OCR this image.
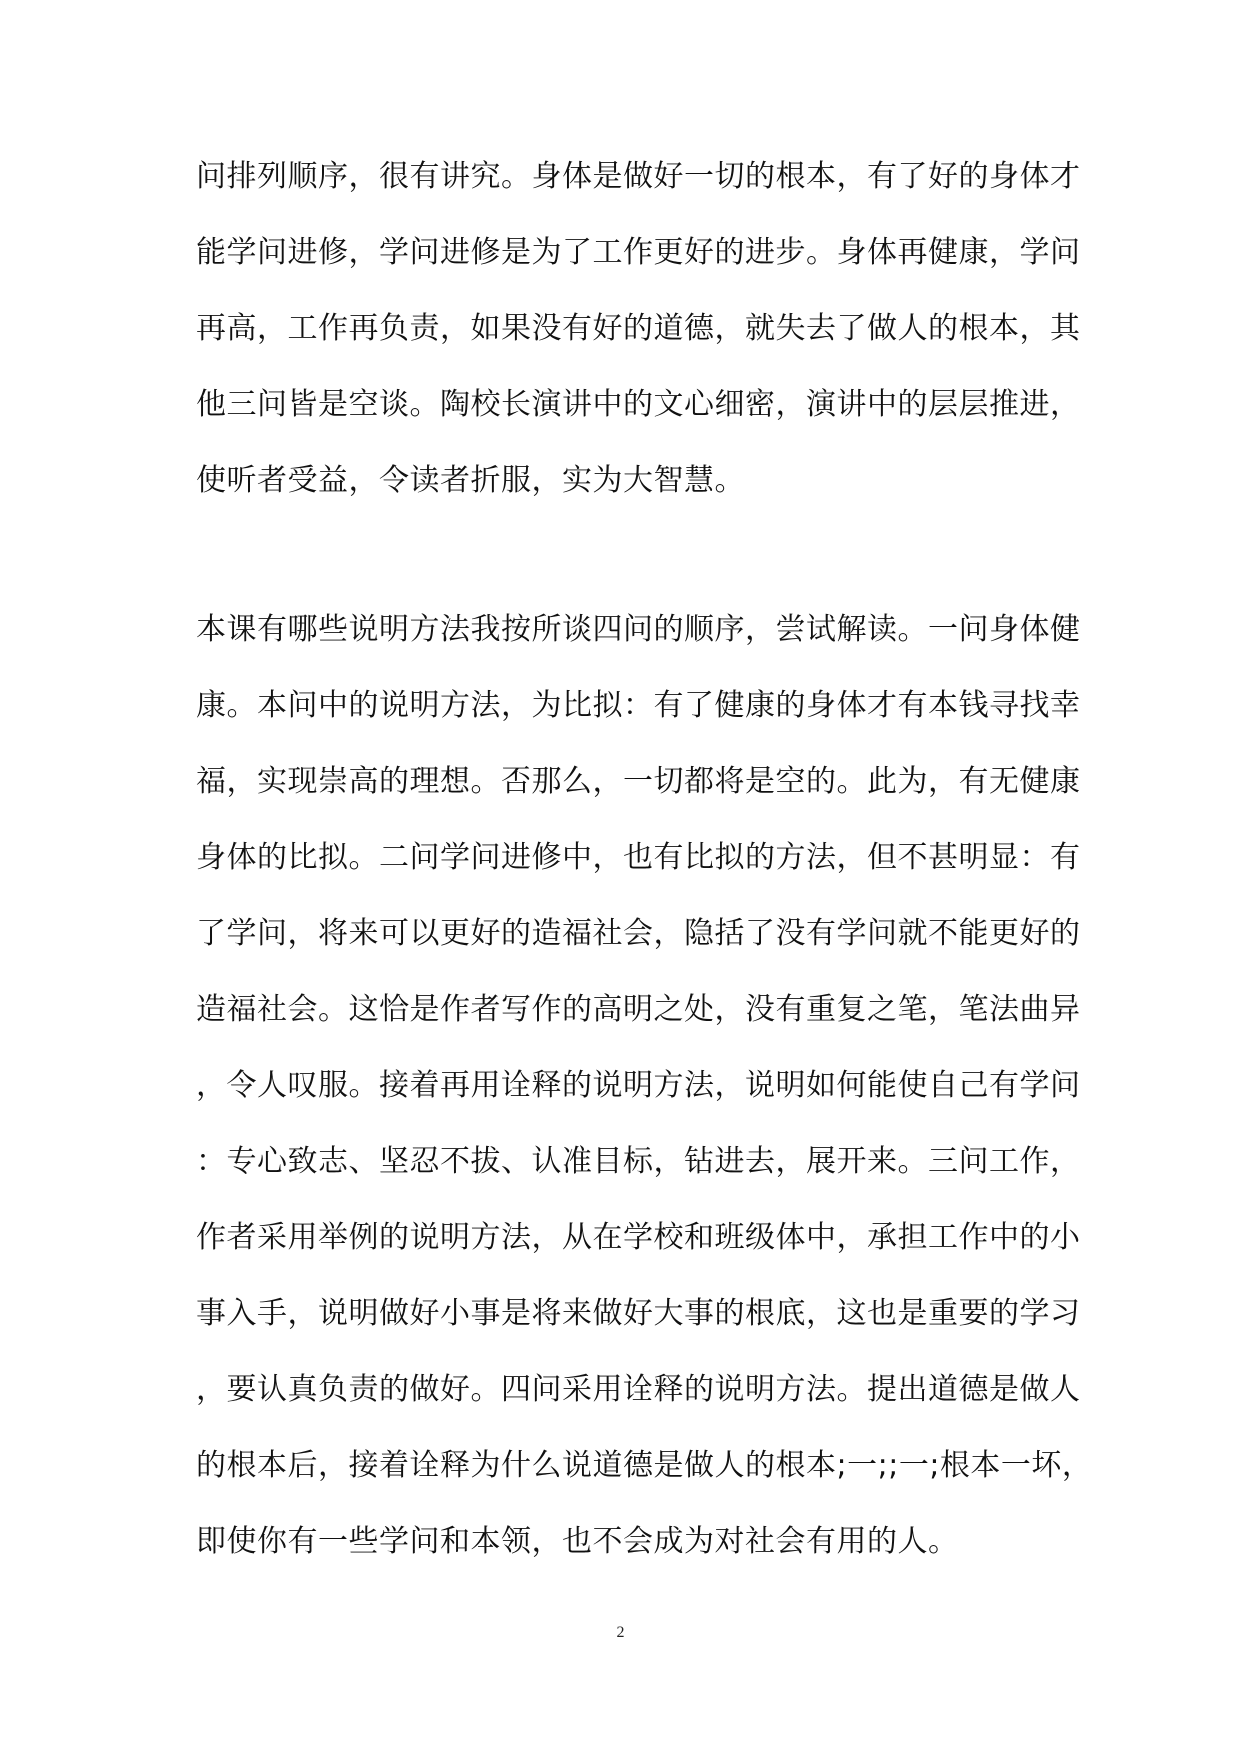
问排列顺序，很有讲究。身体是做好一切的根本，有了好的身体才
能学问进修，学问进修是为了工作更好的进步。身体再健康，学问
再高，工作再负责，如果没有好的道德，就失去了做人的根本，其
他三问皆是空谈。陶校长演讲中的文心细密，演讲中的层层推进，
使听者受益，令读者折服，实为大智慧。
本课有哪些说明方法我按所谈四问的顺序，尝试解读。一问身体健
康。本问中的说明方法，为比拟：有了健康的身体才有本钱寻找幸
福，实现崇高的理想。否那么，一切都将是空的。此为，有无健康
身体的比拟。二问学问进修中，也有比拟的方法，但不甚明显：有
了学问，将来可以更好的造福社会，隐括了没有学问就不能更好的
造福社会。这恰是作者写作的高明之处，没有重复之笔，笔法曲异
，令人叹服。接着再用诠释的说明方法，说明如何能使自己有学问
：专心致志、坚忍不拔、认准目标，钻进去，展开来。三问工作，
作者采用举例的说明方法，从在学校和班级体中，承担工作中的小
事入手，说明做好小事是将来做好大事的根底，这也是重要的学习
，要认真负责的做好。四问采用诠释的说明方法。提出道德是做人
的根本后，接着诠释为什么说道德是做人的根本;一;;一;根本一坏，
即使你有一些学问和本领，也不会成为对社会有用的人。
2
